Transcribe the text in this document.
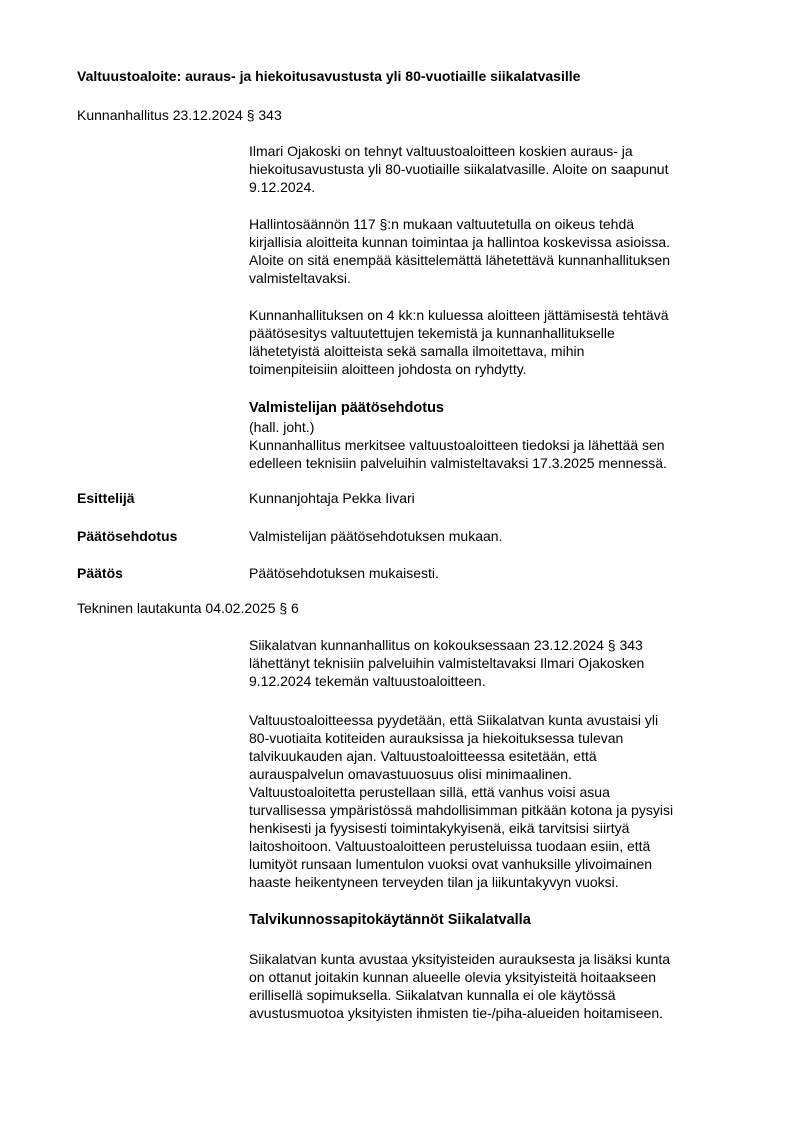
Valtuustoaloite: auraus- ja hiekoitusavustusta yli 80-vuotiaille siikalatvasille
Kunnanhallitus 23.12.2024 § 343
Ilmari Ojakoski on tehnyt valtuustoaloitteen koskien auraus- ja
hiekoitusavustusta yli 80-vuotiaille siikalatvasille. Aloite on saapunut
9.12.2024.
Hallintosäännön 117 §:n mukaan valtuutetulla on oikeus tehdä
kirjallisia aloitteita kunnan toimintaa ja hallintoa koskevissa asioissa.
Aloite on sitä enempää käsittelemättä lähetettävä kunnanhallituksen
valmisteltavaksi.
Kunnanhallituksen on 4 kk:n kuluessa aloitteen jättämisestä tehtävä
päätösesitys valtuutettujen tekemistä ja kunnanhallitukselle
lähetetyistä aloitteista sekä samalla ilmoitettava, mihin
toimenpiteisiin aloitteen johdosta on ryhdytty.
Valmistelijan päätösehdotus
(hall. joht.)
Kunnanhallitus merkitsee valtuustoaloitteen tiedoksi ja lähettää sen
edelleen teknisiin palveluihin valmisteltavaksi 17.3.2025 mennessä.
Esittelijä	Kunnanjohtaja Pekka Iivari
Päätösehdotus	Valmistelijan päätösehdotuksen mukaan.
Päätös	Päätösehdotuksen mukaisesti.
Tekninen lautakunta 04.02.2025 § 6
Siikalatvan kunnanhallitus on kokouksessaan 23.12.2024 § 343
lähettänyt teknisiin palveluihin valmisteltavaksi Ilmari Ojakosken
9.12.2024 tekemän valtuustoaloitteen.
Valtuustoaloitteessa pyydetään, että Siikalatvan kunta avustaisi yli
80-vuotiaita kotiteiden aurauksissa ja hiekoituksessa tulevan
talvikuukauden ajan. Valtuustoaloitteessa esitetään, että
aurauspalvelun omavastuuosuus olisi minimaalinen.
Valtuustoaloitetta perustellaan sillä, että vanhus voisi asua
turvallisessa ympäristössä mahdollisimman pitkään kotona ja pysyisi
henkisesti ja fyysisesti toimintakykyisenä, eikä tarvitsisi siirtyä
laitoshoitoon. Valtuustoaloitteen perusteluissa tuodaan esiin, että
lumityöt runsaan lumentulon vuoksi ovat vanhuksille ylivoimainen
haaste heikentyneen terveyden tilan ja liikuntakyvyn vuoksi.
Talvikunnossapitokäytännöt Siikalatvalla
Siikalatvan kunta avustaa yksityisteiden aurauksesta ja lisäksi kunta
on ottanut joitakin kunnan alueelle olevia yksityisteitä hoitaakseen
erillisellä sopimuksella. Siikalatvan kunnalla ei ole käytössä
avustusmuotoa yksityisten ihmisten tie-/piha-alueiden hoitamiseen.
